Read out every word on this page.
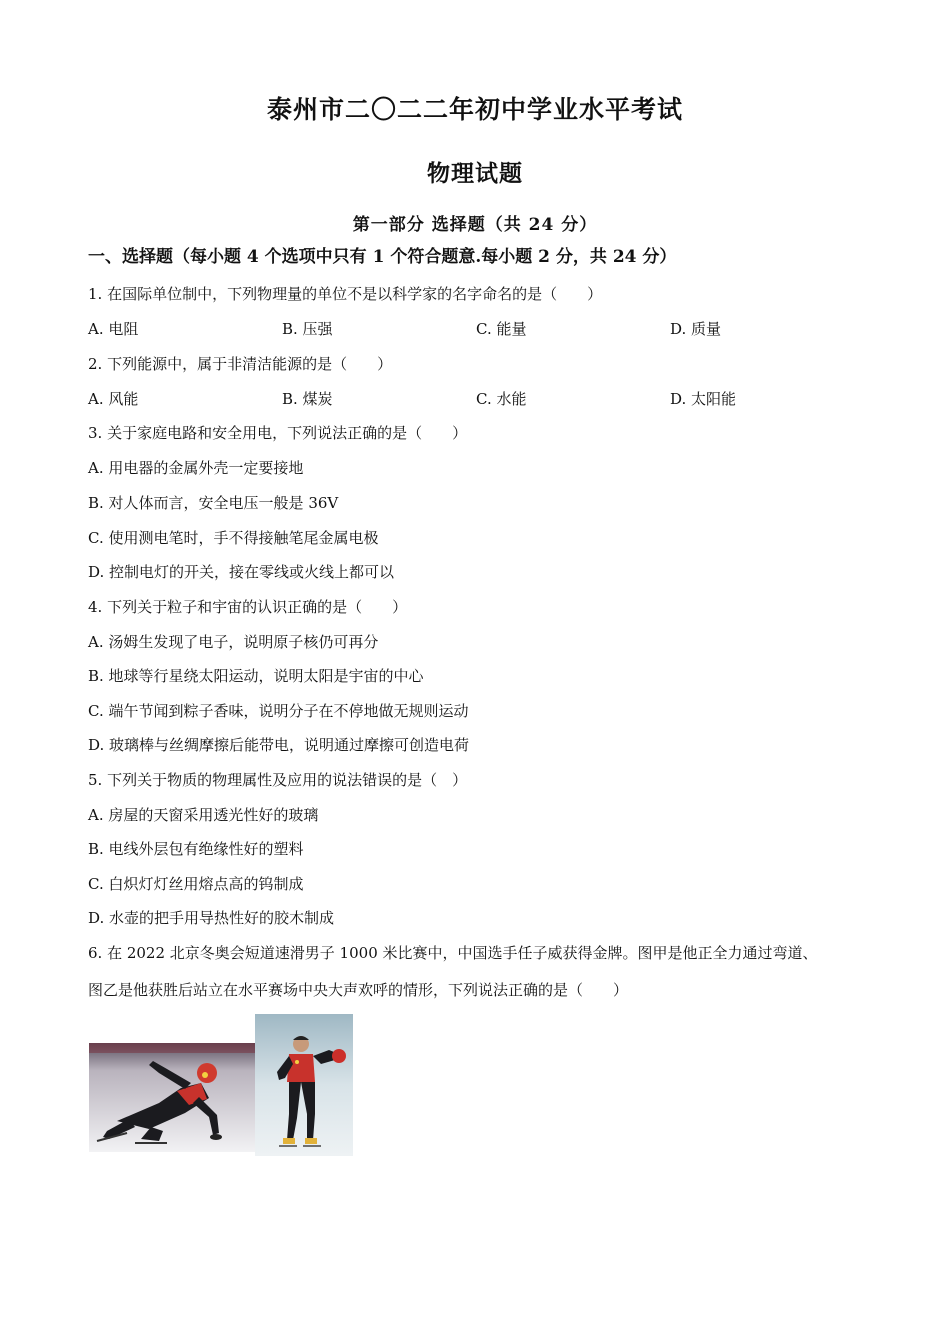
泰州市二〇二二年初中学业水平考试
物理试题
第一部分 选择题（共 24 分）
一、选择题（每小题 4 个选项中只有 1 个符合题意.每小题 2 分，共 24 分）
1. 在国际单位制中，下列物理量的单位不是以科学家的名字命名的是（　　）
A. 电阻	B. 压强	C. 能量	D. 质量
2. 下列能源中，属于非清洁能源的是（　　）
A. 风能	B. 煤炭	C. 水能	D. 太阳能
3. 关于家庭电路和安全用电，下列说法正确的是（　　）
A. 用电器的金属外壳一定要接地
B. 对人体而言，安全电压一般是 36V
C. 使用测电笔时，手不得接触笔尾金属电极
D. 控制电灯的开关，接在零线或火线上都可以
4. 下列关于粒子和宇宙的认识正确的是（　　）
A. 汤姆生发现了电子，说明原子核仍可再分
B. 地球等行星绕太阳运动，说明太阳是宇宙的中心
C. 端午节闻到粽子香味，说明分子在不停地做无规则运动
D. 玻璃棒与丝绸摩擦后能带电，说明通过摩擦可创造电荷
5. 下列关于物质的物理属性及应用的说法错误的是（　）
A. 房屋的天窗采用透光性好的玻璃
B. 电线外层包有绝缘性好的塑料
C. 白炽灯灯丝用熔点高的钨制成
D. 水壶的把手用导热性好的胶木制成
6. 在 2022 北京冬奥会短道速滑男子 1000 米比赛中，中国选手任子威获得金牌。图甲是他正全力通过弯道、
图乙是他获胜后站立在水平赛场中央大声欢呼的情形，下列说法正确的是（　　）
